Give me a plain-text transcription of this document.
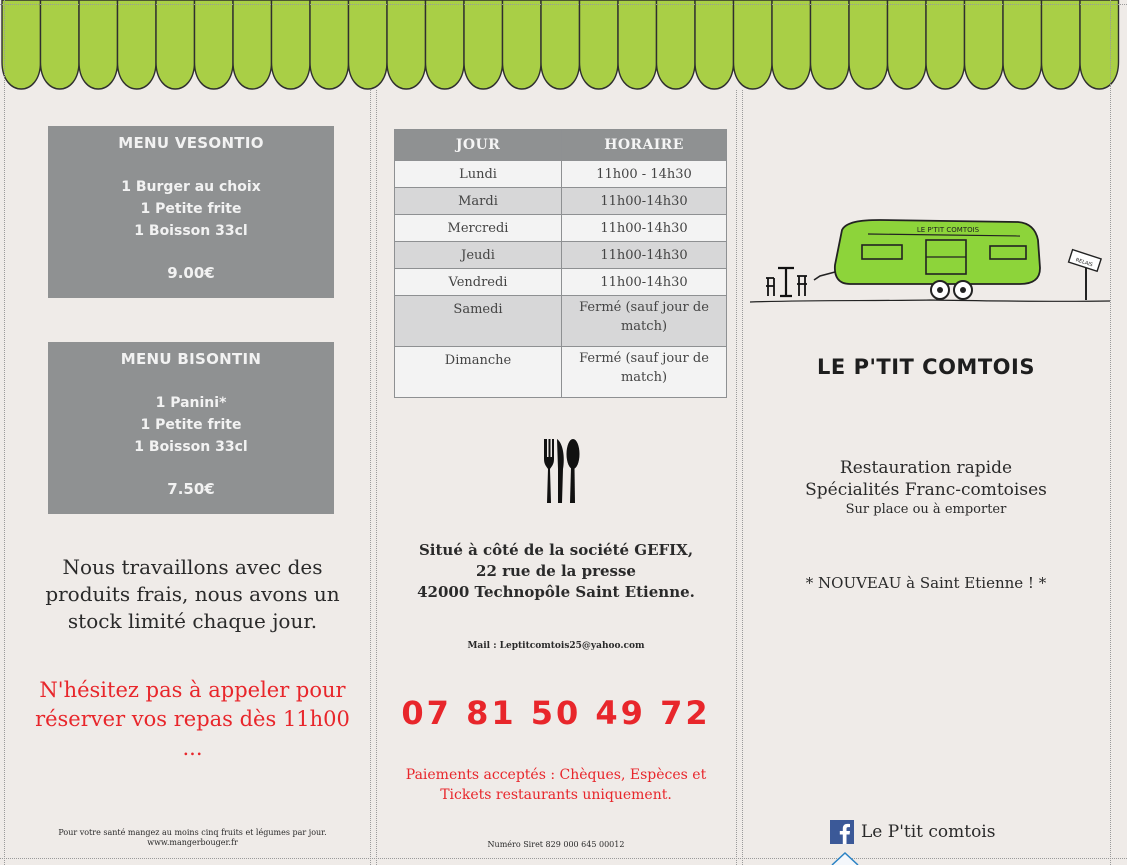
MENU VESONTIO
1 Burger au choix
1 Petite frite
1 Boisson 33cl
9.00€
MENU BISONTIN
1 Panini*
1 Petite frite
1 Boisson 33cl
7.50€
Nous travaillons avec des produits frais, nous avons un stock limité chaque jour.
N'hésitez pas à appeler pour réserver vos repas dès 11h00 ...
Pour votre santé mangez au moins cinq fruits et légumes par jour.
www.mangerbouger.fr
JOUR	HORAIRE
Lundi	11h00 - 14h30
Mardi	11h00-14h30
Mercredi	11h00-14h30
Jeudi	11h00-14h30
Vendredi	11h00-14h30
Samedi	Fermé (sauf jour de match)
Dimanche	Fermé (sauf jour de match)
Situé à côté de la société GEFIX,
22 rue de la presse
42000 Technopôle Saint Etienne.
Mail : Leptitcomtois25@yahoo.com
07 81 50 49 72
Paiements acceptés : Chèques, Espèces et
Tickets restaurants uniquement.
Numéro Siret 829 000 645 00012
RELAIS
LE P'TIT COMTOIS
LE P'TIT COMTOIS
Restauration rapide
Spécialités Franc-comtoises
Sur place ou à emporter
* NOUVEAU à Saint Etienne ! *
Le P'tit comtois
